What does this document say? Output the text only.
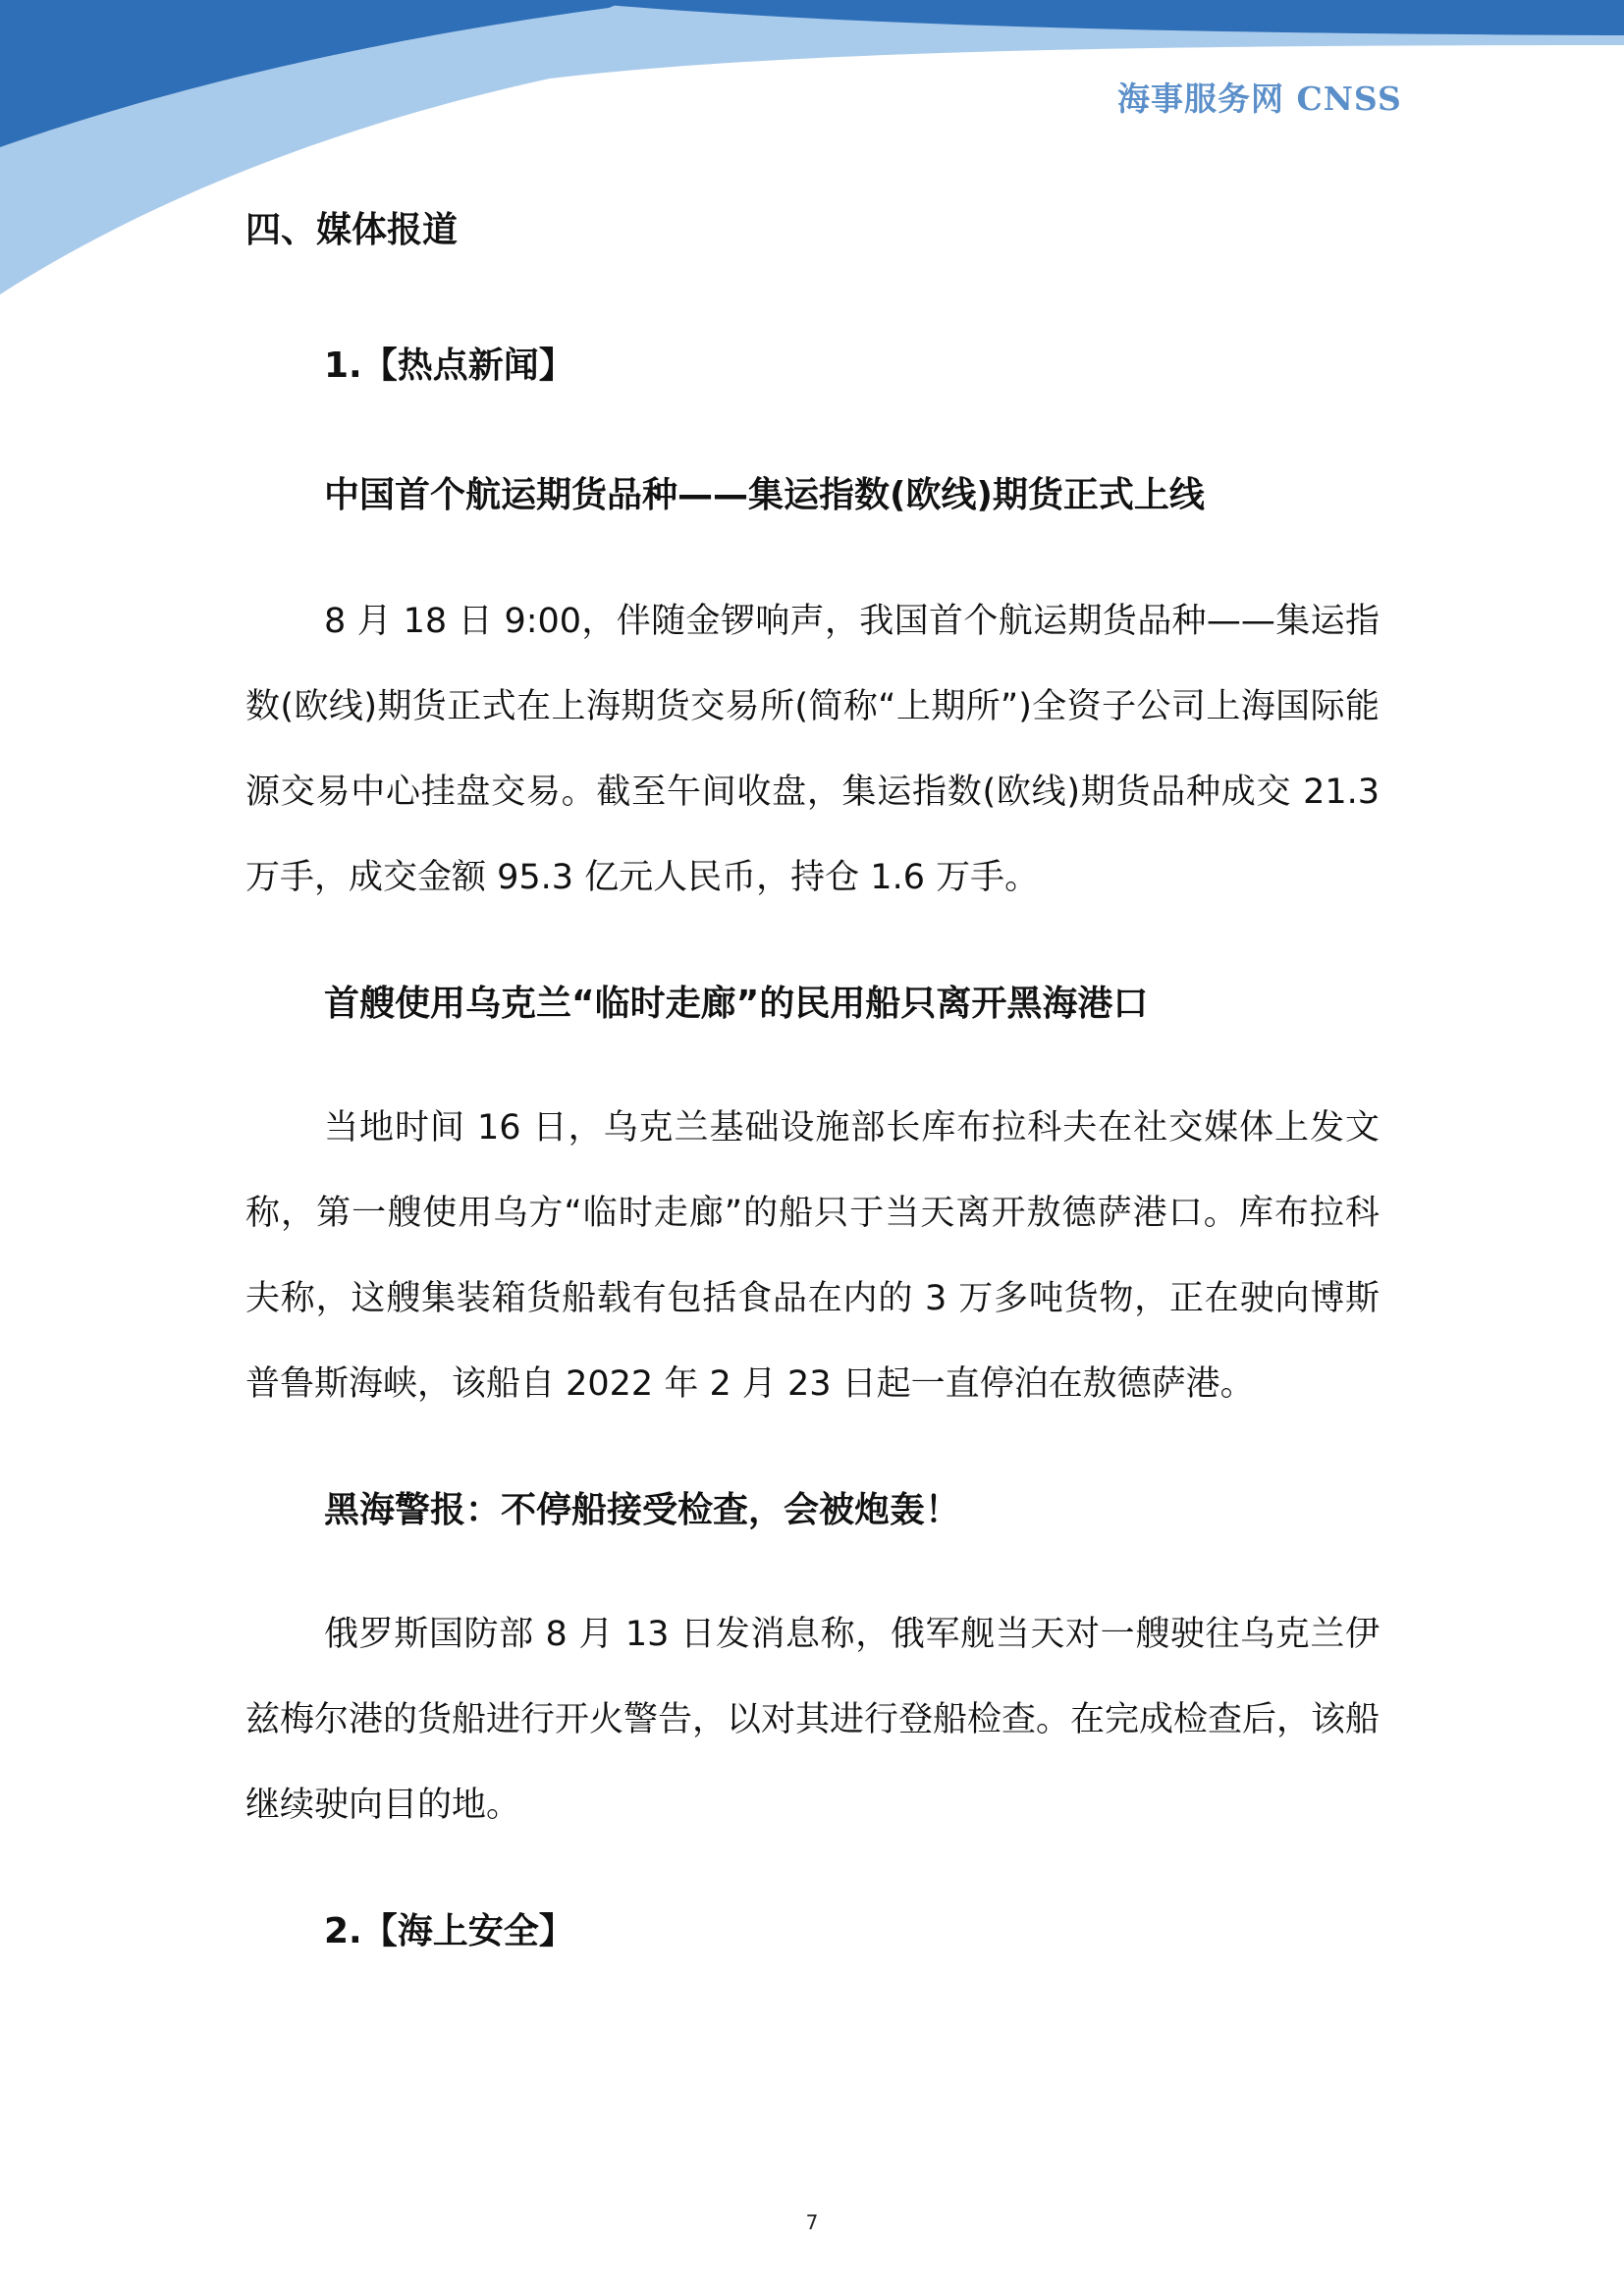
海事服务网 CNSS
四、媒体报道
1.【热点新闻】
中国首个航运期货品种——集运指数(欧线)期货正式上线

8 月 18 日 9:00，伴随金锣响声，我国首个航运期货品种——集运指数(欧线)期货正式在上海期货交易所(简称“上期所”)全资子公司上海国际能源交易中心挂盘交易。截至午间收盘，集运指数(欧线)期货品种成交 21.3 万手，成交金额 95.3 亿元人民币，持仓 1.6 万手。

首艘使用乌克兰“临时走廊”的民用船只离开黑海港口

当地时间 16 日，乌克兰基础设施部长库布拉科夫在社交媒体上发文称，第一艘使用乌方“临时走廊”的船只于当天离开敖德萨港口。库布拉科夫称，这艘集装箱货船载有包括食品在内的 3 万多吨货物，正在驶向博斯普鲁斯海峡，该船自 2022 年 2 月 23 日起一直停泊在敖德萨港。

黑海警报：不停船接受检查，会被炮轰！

俄罗斯国防部 8 月 13 日发消息称，俄军舰当天对一艘驶往乌克兰伊兹梅尔港的货船进行开火警告，以对其进行登船检查。在完成检查后，该船继续驶向目的地。

2.【海上安全】
7
